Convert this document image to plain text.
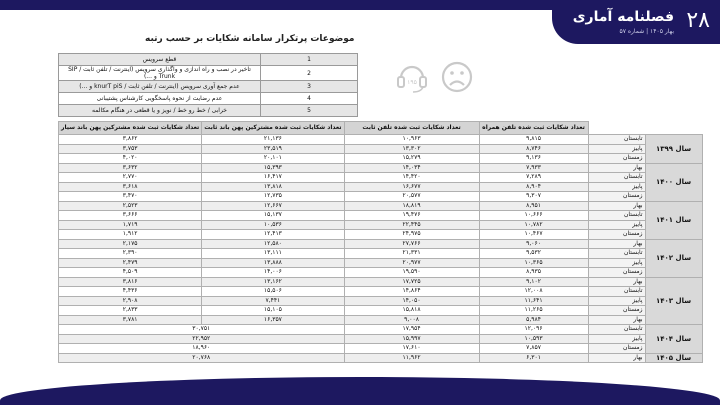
۲۸
فصلنامه آماری
بهار ۱۴۰۵ | شماره ۵۷
موضوعات پرتکرار سامانه شکایات بر حسب رتبه
قطع سرویس	1
تاخیر در نصب و راه اندازی و واگذاری سرویس (اینترنت / تلفن ثابت / SIP Trunk و ...)	2
عدم جمع آوری سرویس (اینترنت / تلفن ثابت / knurT piS و ...)	3
عدم رضایت از نحوه پاسخگویی کارشناس پشتیبانی	4
خرابی / خط رو خط / نویز و یا قطعی در هنگام مکالمه	5
۱۹۵
تعداد شکایات ثبت شده مشترکین پهن باند سیار	تعداد شکایات ثبت شده مشترکین پهن باند ثابت	تعداد شکایات ثبت شده تلفن ثابت	تعداد شکایات ثبت شده تلفن همراه		
۳,۸۶۲	۲۱,۱۳۶	۱۰,۹۶۳	۹,۸۱۵	تابستان	سال ۱۳۹۹
۳,۷۵۳	۲۳,۵۱۹	۱۳,۳۰۲	۸,۷۴۶	پاییز	
۴,۰۲۰	۲۰,۱۰۱	۱۵,۲۷۹	۹,۱۳۶	زمستان	
۳,۶۳۲	۱۵,۳۹۳	۱۴,۰۳۴	۷,۹۳۳	بهار	سال ۱۴۰۰
۲,۷۷۰	۱۶,۴۱۷	۱۴,۴۲۰	۷,۲۸۹	تابستان	
۳,۶۱۸	۱۳,۸۱۸	۱۶,۶۷۷	۸,۹۰۴	پاییز	
۳,۴۷۰	۱۲,۷۳۵	۲۰,۵۷۷	۹,۳۰۷	زمستان	
۲,۵۲۳	۱۲,۶۶۷	۱۸,۸۱۹	۸,۹۵۱	بهار	سال ۱۴۰۱
۳,۶۶۶	۱۵,۱۳۷	۱۹,۴۷۶	۱۰,۶۶۶	تابستان	
۱,۷۱۹	۱۰,۵۳۶	۲۲,۴۴۵	۱۰,۷۸۲	پاییز	
۱,۹۱۲	۱۲,۴۱۳	۲۴,۹۷۵	۱۰,۴۶۷	زمستان	
۲,۱۷۵	۱۲,۵۸۰	۲۷,۷۶۶	۹,۰۶۰	بهار	سال ۱۴۰۲
۲,۳۹۰	۱۳,۱۱۱	۲۱,۳۳۱	۹,۵۳۲	تابستان	
۲,۴۷۹	۱۳,۸۸۸	۲۰,۹۷۷	۱۰,۳۶۵	پاییز	
۴,۵۰۹	۱۴,۰۰۶	۱۹,۵۹۰	۸,۹۳۵	زمستان	
۳,۸۱۶	۱۳,۱۶۲	۱۷,۷۲۵	۹,۱۰۲	بهار	سال ۱۴۰۳
۴,۴۳۶	۱۵,۵۰۶	۱۴,۸۶۴	۱۲,۰۰۸	تابستان	
۲,۹۰۸	۷,۴۴۱	۱۴,۰۵۰	۱۱,۶۴۱	پاییز	
۲,۸۳۳	۱۵,۱۰۵	۱۵,۸۱۸	۱۱,۲۶۵	زمستان	
۳,۷۸۱	۱۶,۳۵۷	۹,۰۰۸	۵,۹۸۴	بهار	
۳۰,۷۵۱		۱۷,۹۵۴	۱۲,۰۹۶	تابستان	سال ۱۴۰۴
۲۲,۹۵۲		۱۵,۹۹۷	۱۰,۵۹۳	پاییز	
۱۸,۹۶۰		۱۷,۶۱۰	۷,۸۵۷	زمستان	
۲۰,۷۶۸		۱۱,۹۶۲	۶,۳۰۱	بهار	سال ۱۴۰۵
